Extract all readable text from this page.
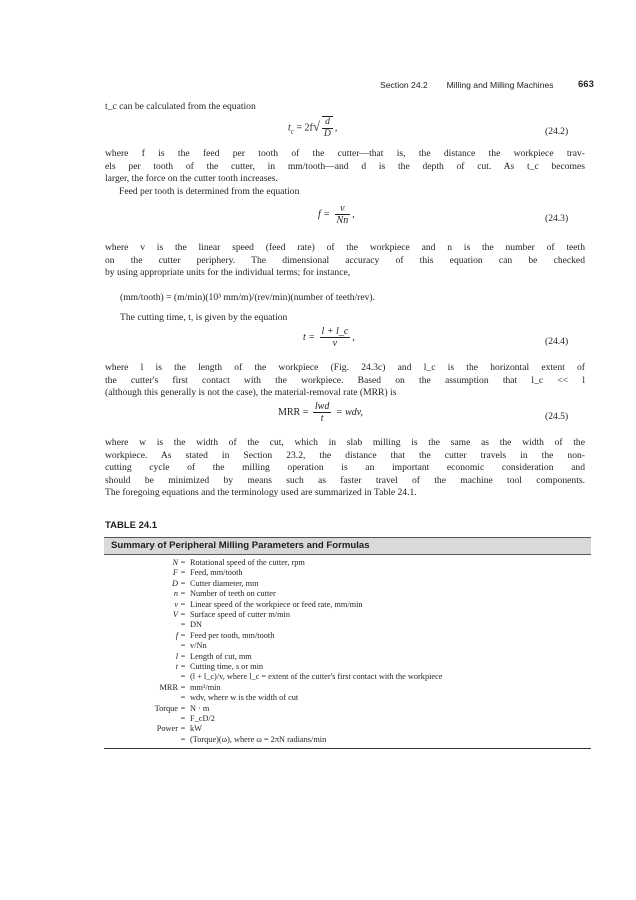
Section 24.2 Milling and Milling Machines	663
t_c can be calculated from the equation
$t_c = 2f√ \frac{d}{D}$ ,	(24.2)
where f is the feed per tooth of the cutter—that is, the distance the workpiece trav-
els per tooth of the cutter, in mm/tooth—and d is the depth of cut. As t_c becomes
larger, the force on the cutter tooth increases.
Feed per tooth is determined from the equation
$f = \frac{v}{Nn}$ ,	(24.3)
where v is the linear speed (feed rate) of the workpiece and n is the number of teeth
on the cutter periphery. The dimensional accuracy of this equation can be checked
by using appropriate units for the individual terms; for instance,
(mm/tooth) = (m/min)(10³ mm/m)/(rev/min)(number of teeth/rev).
The cutting time, t, is given by the equation
$t = \frac{l + l\_c}{v}$ ,	(24.4)
where l is the length of the workpiece (Fig. 24.3c) and l_c is the horizontal extent of
the cutter's first contact with the workpiece. Based on the assumption that l_c << l
(although this generally is not the case), the material-removal rate (MRR) is
MRR = $\frac{\text{lwd}}{t}$ = wdv,	(24.5)
where w is the width of the cut, which in slab milling is the same as the width of the
workpiece. As stated in Section 23.2, the distance that the cutter travels in the non-
cutting cycle of the milling operation is an important economic consideration and
should be minimized by means such as faster travel of the machine tool components.
The foregoing equations and the terminology used are summarized in Table 24.1.
TABLE 24.1
Summary of Peripheral Milling Parameters and Formulas
N = Rotational speed of the cutter, rpm
F = Feed, mm/tooth
D = Cutter diameter, mm
n = Number of teeth on cutter
v = Linear speed of the workpiece or feed rate, mm/min
V = Surface speed of cutter m/min
= DN
f = Feed per tooth, mm/tooth
= v/Nn
l = Length of cut, mm
t = Cutting time, s or min
= (l + l_c)/v, where l_c = extent of the cutter's first contact with the workpiece
MRR = mm³/min
= wdv, where w is the width of cut
Torque = N · m
= F_cD/2
Power = kW
= (Torque)(ω), where ω = 2πN radians/min
